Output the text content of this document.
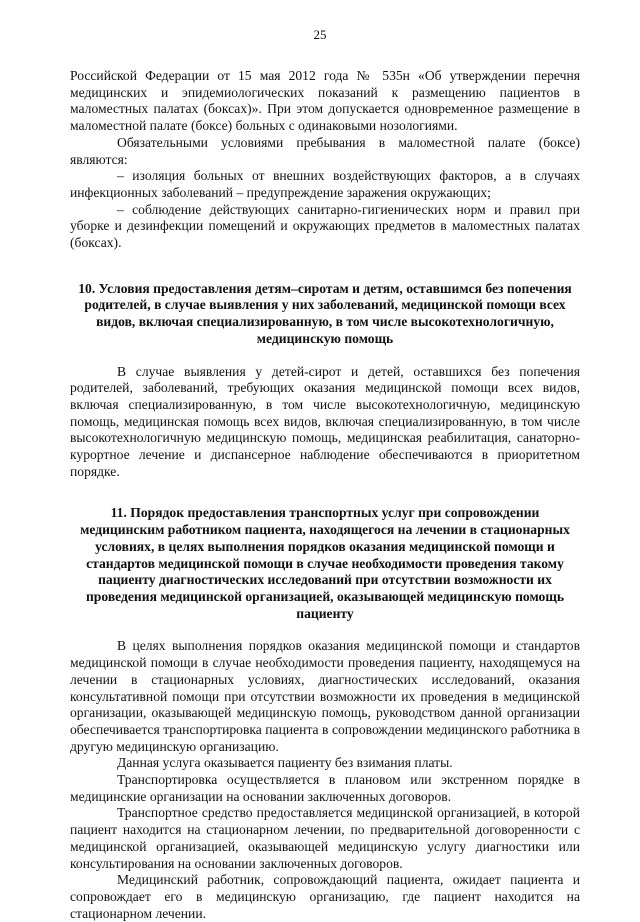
25

Российской Федерации от 15 мая 2012 года № 535н «Об утверждении перечня медицинских и эпидемиологических показаний к размещению пациентов в маломестных палатах (боксах)». При этом допускается одновременное размещение в маломестной палате (боксе) больных с одинаковыми нозологиями.

Обязательными условиями пребывания в маломестной палате (боксе) являются:

– изоляция больных от внешних воздействующих факторов, а в случаях инфекционных заболеваний – предупреждение заражения окружающих;

– соблюдение действующих санитарно-гигиенических норм и правил при уборке и дезинфекции помещений и окружающих предметов в маломестных палатах (боксах).

10. Условия предоставления детям–сиротам и детям, оставшимся без попечения родителей, в случае выявления у них заболеваний, медицинской помощи всех видов, включая специализированную, в том числе высокотехнологичную, медицинскую помощь

В случае выявления у детей-сирот и детей, оставшихся без попечения родителей, заболеваний, требующих оказания медицинской помощи всех видов, включая специализированную, в том числе высокотехнологичную, медицинскую помощь, медицинская помощь всех видов, включая специализированную, в том числе высокотехнологичную медицинскую помощь, медицинская реабилитация, санаторно-курортное лечение и диспансерное наблюдение обеспечиваются в приоритетном порядке.

11. Порядок предоставления транспортных услуг при сопровождении медицинским работником пациента, находящегося на лечении в стационарных условиях, в целях выполнения порядков оказания медицинской помощи и стандартов медицинской помощи в случае необходимости проведения такому пациенту диагностических исследований при отсутствии возможности их проведения медицинской организацией, оказывающей медицинскую помощь пациенту

В целях выполнения порядков оказания медицинской помощи и стандартов медицинской помощи в случае необходимости проведения пациенту, находящемуся на лечении в стационарных условиях, диагностических исследований, оказания консультативной помощи при отсутствии возможности их проведения в медицинской организации, оказывающей медицинскую помощь, руководством данной организации обеспечивается транспортировка пациента в сопровождении медицинского работника в другую медицинскую организацию.

Данная услуга оказывается пациенту без взимания платы.

Транспортировка осуществляется в плановом или экстренном порядке в медицинские организации на основании заключенных договоров.

Транспортное средство предоставляется медицинской организацией, в которой пациент находится на стационарном лечении, по предварительной договоренности с медицинской организацией, оказывающей медицинскую услугу диагностики или консультирования на основании заключенных договоров.

Медицинский работник, сопровождающий пациента, ожидает пациента и сопровождает его в медицинскую организацию, где пациент находится на стационарном лечении.
